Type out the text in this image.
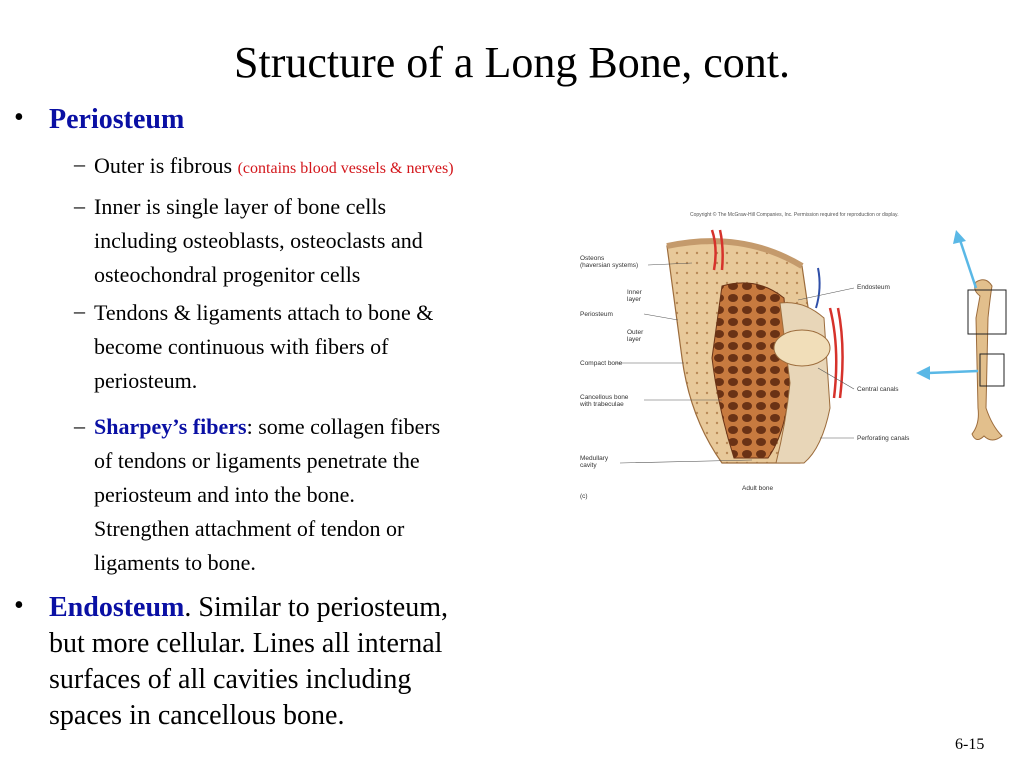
Structure of a Long Bone, cont.
• Periosteum
– Outer is fibrous (contains blood vessels & nerves)
– Inner is single layer of bone cells
including osteoblasts, osteoclasts and
osteochondral progenitor cells
– Tendons & ligaments attach to bone &
become continuous with fibers of
periosteum.
– Sharpey’s fibers: some collagen fibers
of tendons or ligaments penetrate the
periosteum and into the bone.
Strengthen attachment of tendon or
ligaments to bone.
• Endosteum. Similar to periosteum,
but more cellular. Lines all internal
surfaces of all cavities including
spaces in cancellous bone.
Copyright © The McGraw-Hill Companies, Inc. Permission required for reproduction or display.
Osteons
(haversian systems)
Inner
layer
Periosteum
Outer
layer
Compact bone
Cancellous bone
with trabeculae
Medullary
cavity
Endosteum
Central canals
Perforating canals
Adult bone
(c)
6-15
